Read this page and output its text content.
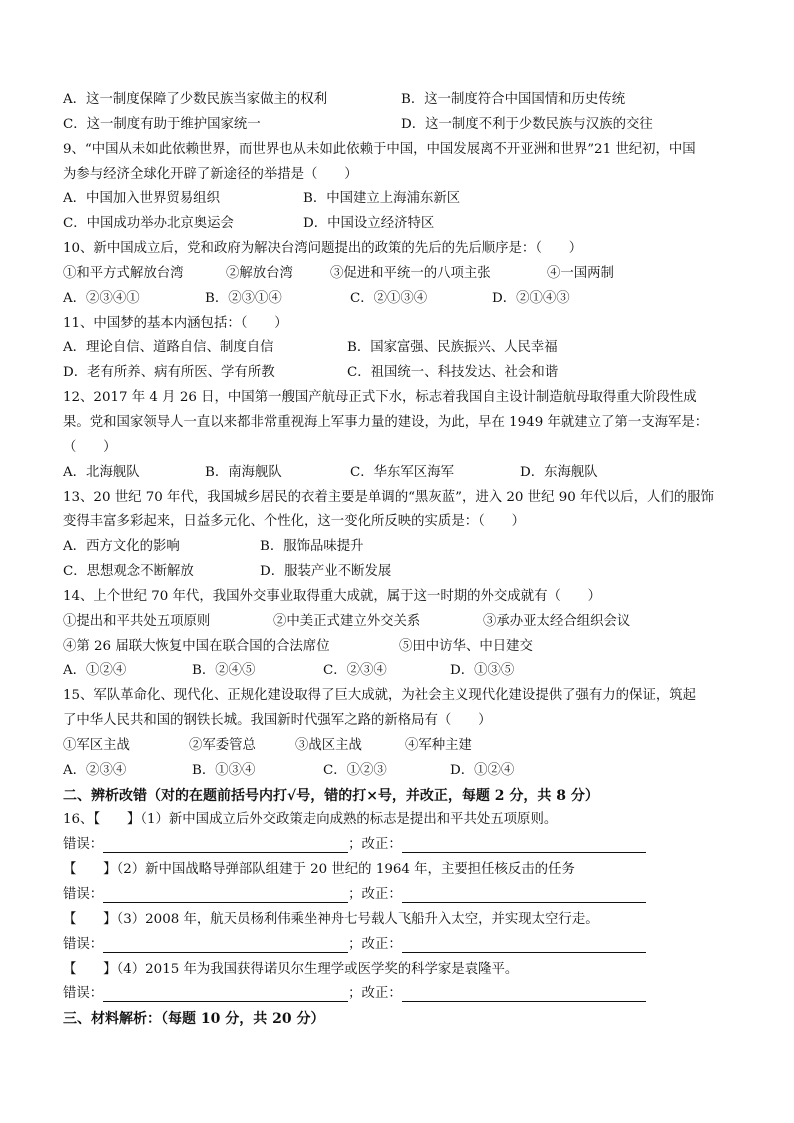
A．这一制度保障了少数民族当家做主的权利	B．这一制度符合中国国情和历史传统
C．这一制度有助于维护国家统一	D．这一制度不利于少数民族与汉族的交往
9、“中国从未如此依赖世界，而世界也从未如此依赖于中国，中国发展离不开亚洲和世界”21 世纪初，中国
为参与经济全球化开辟了新途径的举措是（　　）
A．中国加入世界贸易组织	B．中国建立上海浦东新区
C．中国成功举办北京奥运会	D．中国设立经济特区
10、新中国成立后，党和政府为解决台湾问题提出的政策的先后的先后顺序是：（　　）
①和平方式解放台湾	②解放台湾	③促进和平统一的八项主张	④一国两制
A．②③④①	B．②③①④	C．②①③④	D．②①④③
11、中国梦的基本内涵包括：（　　）
A．理论自信、道路自信、制度自信	B．国家富强、民族振兴、人民幸福
D．老有所养、病有所医、学有所教	C．祖国统一、科技发达、社会和谐
12、2017 年 4 月 26 日，中国第一艘国产航母正式下水，标志着我国自主设计制造航母取得重大阶段性成
果。党和国家领导人一直以来都非常重视海上军事力量的建设，为此，早在 1949 年就建立了第一支海军是：
（　　）
A．北海舰队	B．南海舰队	C．华东军区海军	D．东海舰队
13、20 世纪 70 年代，我国城乡居民的衣着主要是单调的“黑灰蓝”，进入 20 世纪 90 年代以后，人们的服饰
变得丰富多彩起来，日益多元化、个性化，这一变化所反映的实质是：（　　）
A．西方文化的影响	B．服饰品味提升
C．思想观念不断解放	D．服装产业不断发展
14、上个世纪 70 年代，我国外交事业取得重大成就，属于这一时期的外交成就有（　　）
①提出和平共处五项原则	②中美正式建立外交关系	③承办亚太经合组织会议
④第 26 届联大恢复中国在联合国的合法席位	⑤田中访华、中日建交
A．①②④	B．②④⑤	C．②③④	D．①③⑤
15、军队革命化、现代化、正规化建设取得了巨大成就，为社会主义现代化建设提供了强有力的保证，筑起
了中华人民共和国的钢铁长城。我国新时代强军之路的新格局有（　　）
①军区主战	②军委管总	③战区主战	④军种主建
A．②③④	B．①③④	C．①②③	D．①②④
二、辨析改错（对的在题前括号内打√号，错的打×号，并改正，每题 2 分，共 8 分）
16、【　　】（1）新中国成立后外交政策走向成熟的标志是提出和平共处五项原则。
错误：	；改正：
【　　】（2）新中国战略导弹部队组建于 20 世纪的 1964 年，主要担任核反击的任务
错误：	；改正：
【　　】（3）2008 年，航天员杨利伟乘坐神舟七号载人飞船升入太空，并实现太空行走。
错误：	；改正：
【　　】（4）2015 年为我国获得诺贝尔生理学或医学奖的科学家是袁隆平。
错误：	；改正：
三、材料解析：（每题 10 分，共 20 分）
